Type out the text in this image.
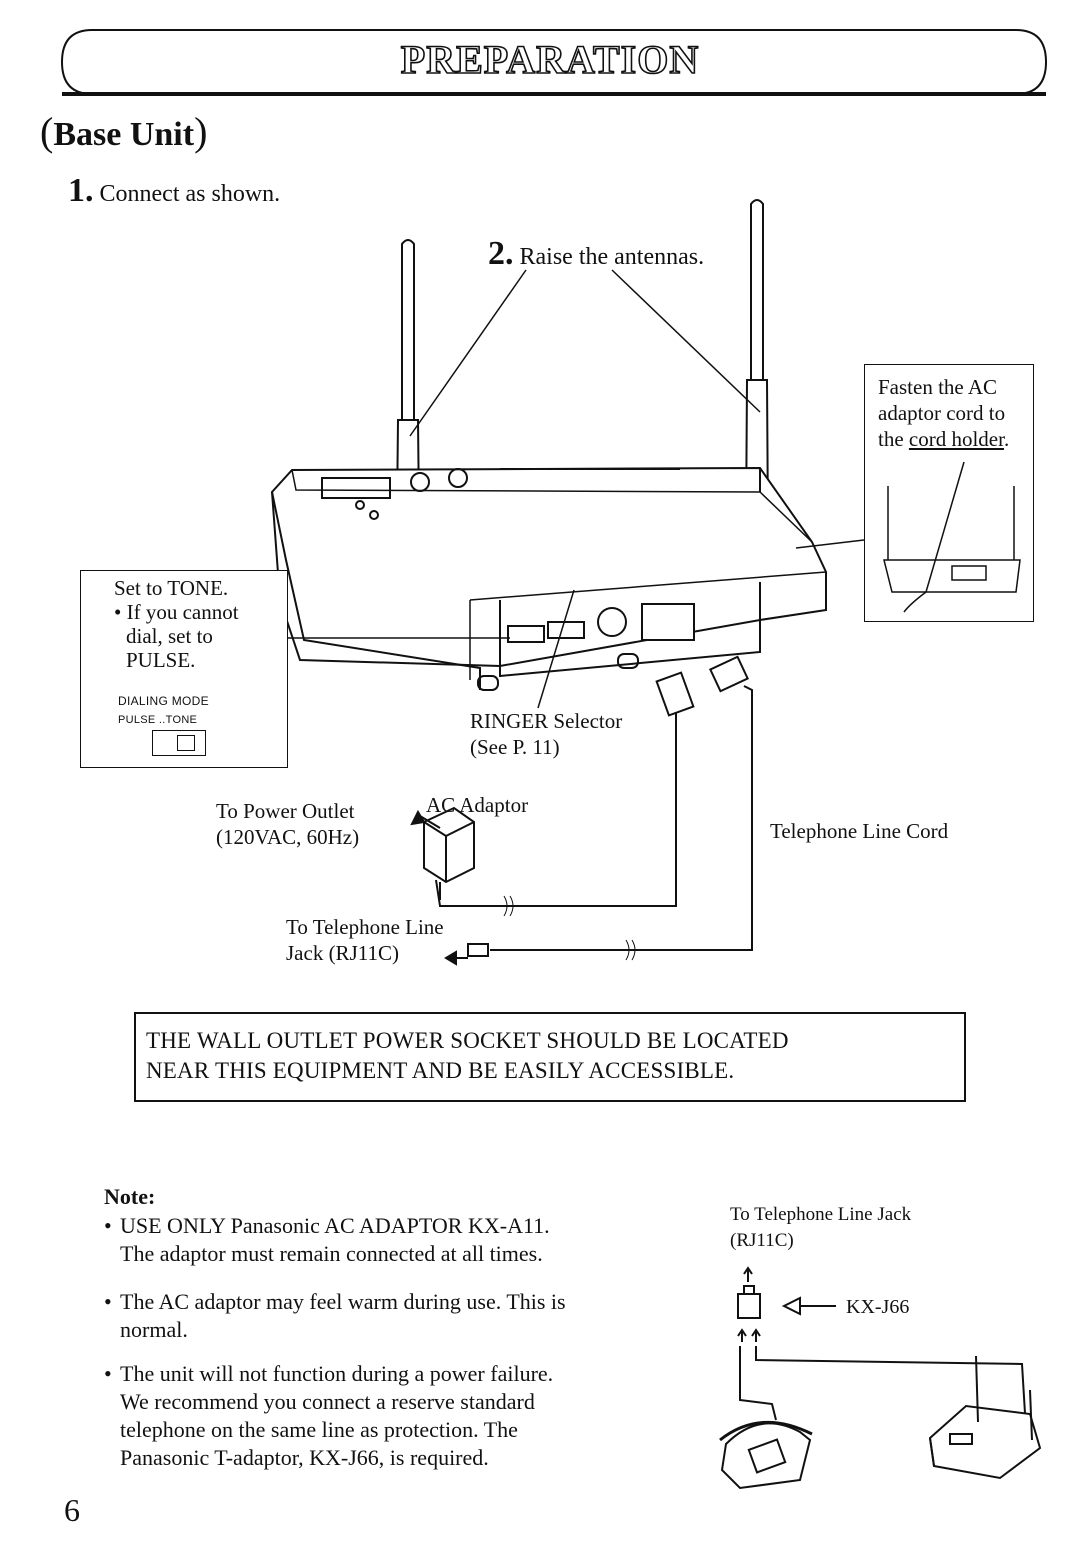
PREPARATION
(Base Unit)
1. Connect as shown.
2. Raise the antennas.
Fasten the AC
adaptor cord to
the cord holder.
Set to TONE.
• If you cannot
dial, set to
PULSE.
DIALING MODE
PULSE ..TONE	RINGER Selector
(See P. 11)
To Power Outlet
(120VAC, 60Hz)
AC Adaptor
Telephone Line Cord
To Telephone Line
Jack (RJ11C)
THE WALL OUTLET POWER SOCKET SHOULD BE LOCATED
NEAR THIS EQUIPMENT AND BE EASILY ACCESSIBLE.
Note:
• USE ONLY Panasonic AC ADAPTOR KX-A11.
The adaptor must remain connected at all times.
• The AC adaptor may feel warm during use. This is
normal.
• The unit will not function during a power failure.
We recommend you connect a reserve standard
telephone on the same line as protection. The
Panasonic T-adaptor, KX-J66, is required.
To Telephone Line Jack
(RJ11C)
KX-J66
6
